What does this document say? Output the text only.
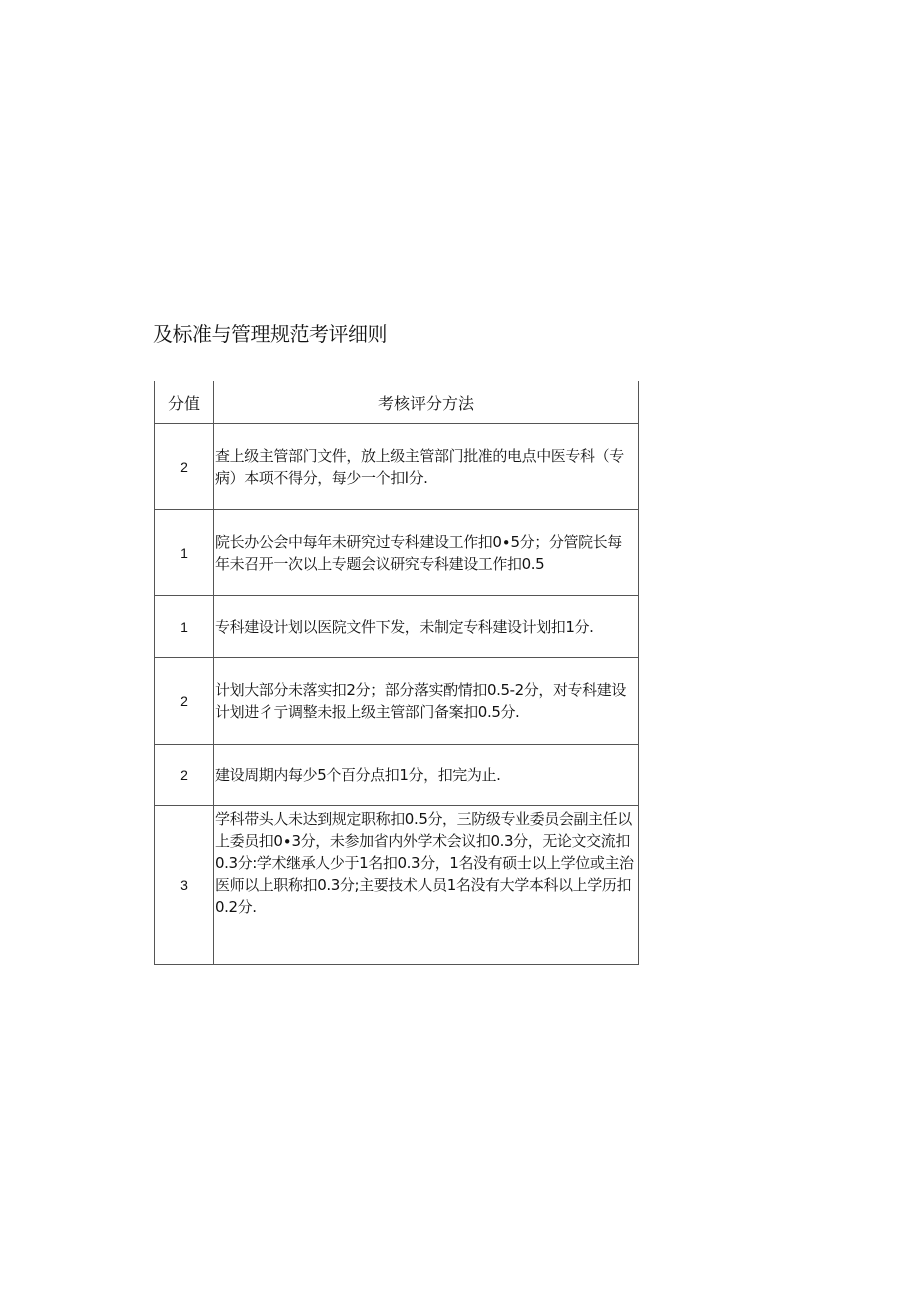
及标准与管理规范考评细则
分值	考核评分方法
2	查上级主管部门文件，放上级主管部门批准的电点中医专科（专病）本项不得分，每少一个扣l分.
1	院长办公会中每年未研究过专科建设工作扣0∙5分；分管院长每年未召开一次以上专题会议研究专科建设工作扣0.5
1	专科建设计划以医院文件下发，未制定专科建设计划扣1分.
2	计划大部分未落实扣2分；部分落实酌情扣0.5-2分，对专科建设计划进彳亍调整未报上级主管部门备案扣0.5分.
2	建设周期内每少5个百分点扣1分，扣完为止.
3	学科带头人未达到规定职称扣0.5分，三防级专业委员会副主任以上委员扣0∙3分，未参加省内外学术会议扣0.3分，无论文交流扣0.3分:学术继承人少于1名扣0.3分，1名没有硕士以上学位或主治医师以上职称扣0.3分;主要技术人员1名没有大学本科以上学历扣0.2分.
